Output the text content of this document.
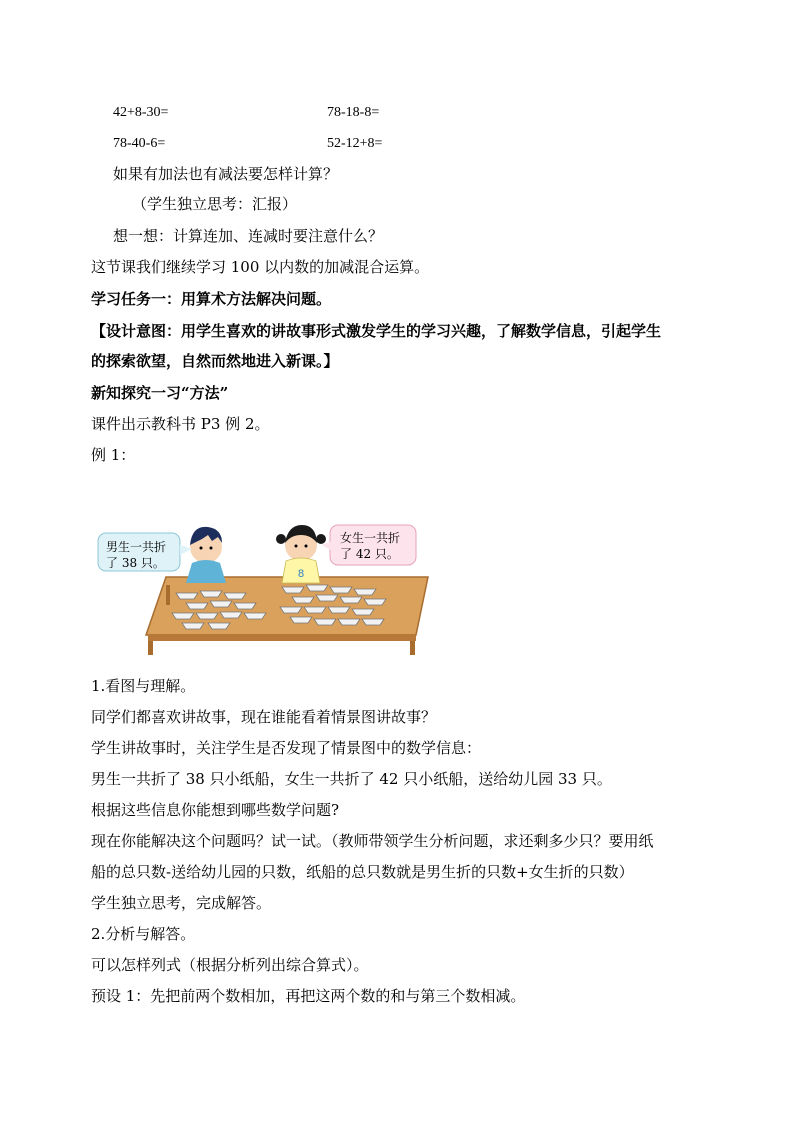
42+8-30=	78-18-8=
78-40-6=	52-12+8=
如果有加法也有减法要怎样计算？
（学生独立思考：汇报）
想一想：计算连加、连减时要注意什么？
这节课我们继续学习 100 以内数的加减混合运算。
学习任务一：用算术方法解决问题。
【设计意图：用学生喜欢的讲故事形式激发学生的学习兴趣，了解数学信息，引起学生
的探索欲望，自然而然地进入新课。】
新知探究一习“方法”
课件出示教科书 P3 例 2。
例 1：
8
男生一共折
了 38 只。
女生一共折
了 42 只。
1.看图与理解。
同学们都喜欢讲故事，现在谁能看着情景图讲故事？
学生讲故事时，关注学生是否发现了情景图中的数学信息：
男生一共折了 38 只小纸船，女生一共折了 42 只小纸船，送给幼儿园 33 只。
根据这些信息你能想到哪些数学问题?
现在你能解决这个问题吗？试一试。（教师带领学生分析问题，求还剩多少只？要用纸
船的总只数-送给幼儿园的只数，纸船的总只数就是男生折的只数+女生折的只数）
学生独立思考，完成解答。
2.分析与解答。
可以怎样列式（根据分析列出综合算式）。
预设 1：先把前两个数相加，再把这两个数的和与第三个数相减。
